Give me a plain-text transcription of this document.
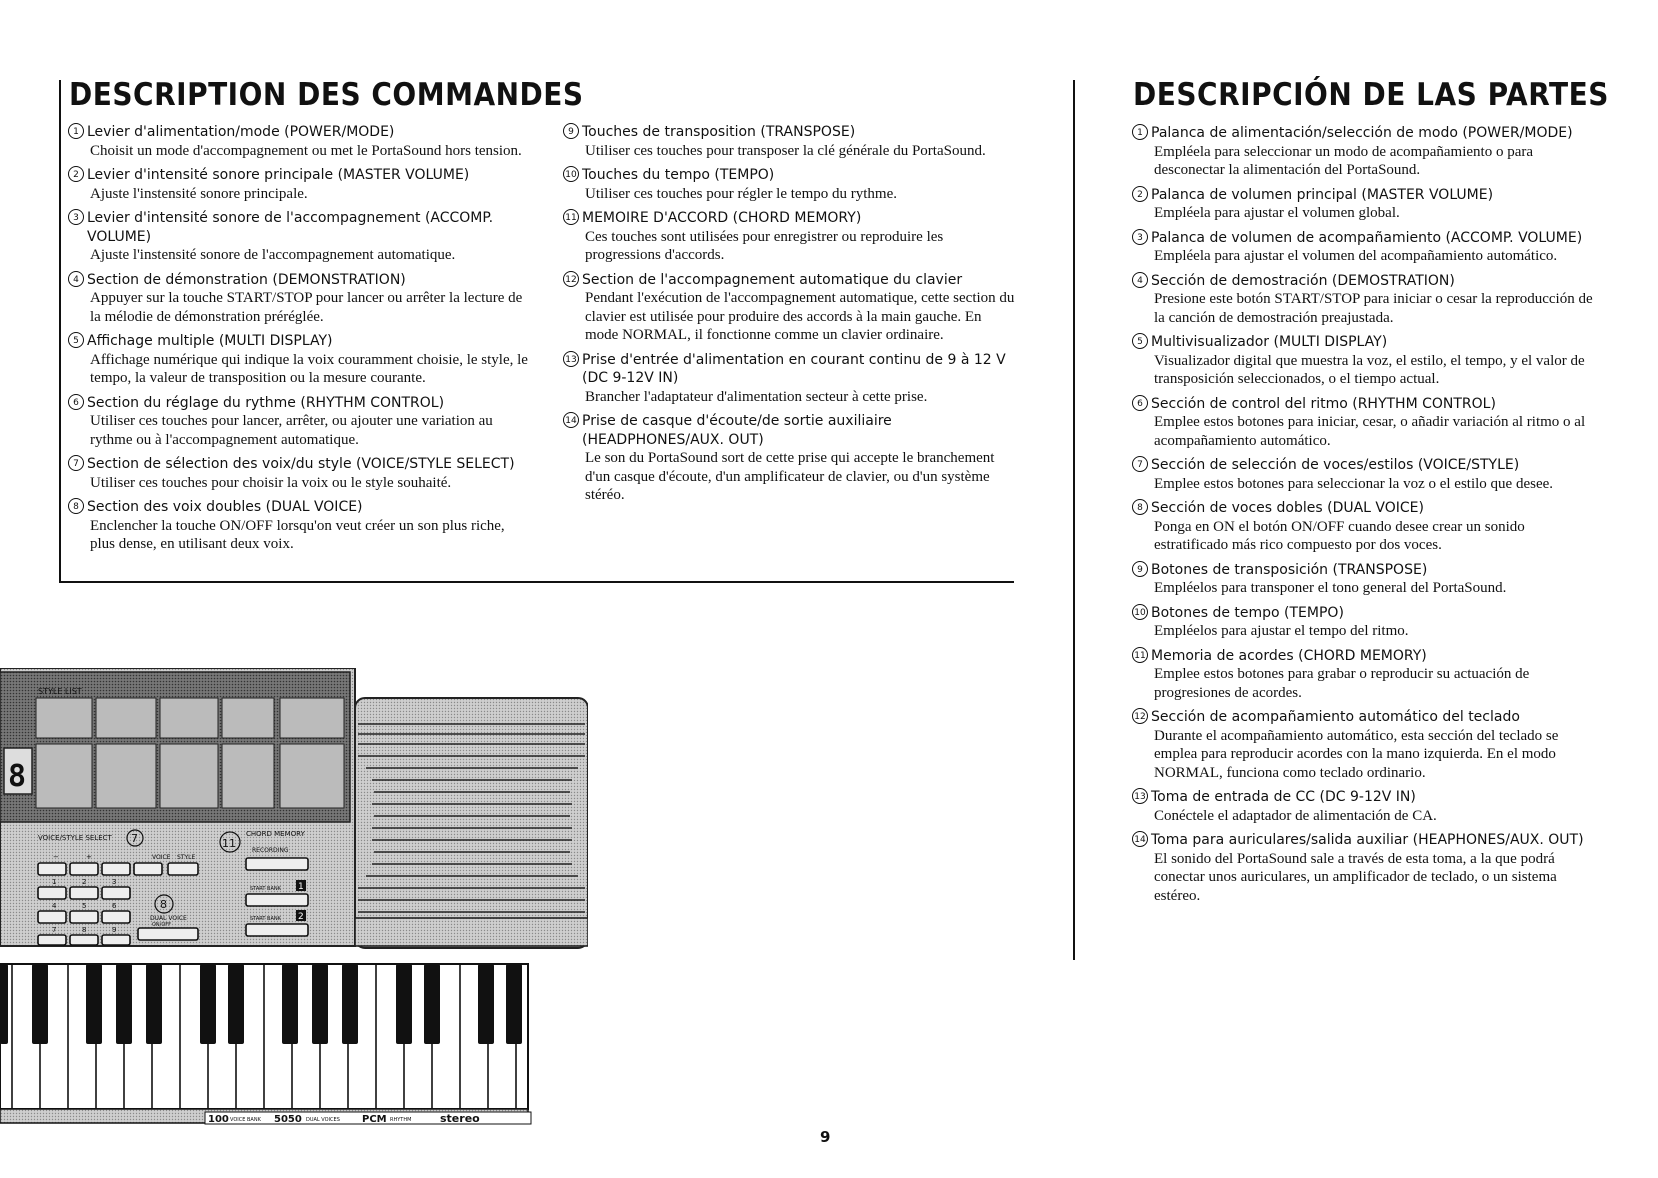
DESCRIPTION DES COMMANDES
1 Levier d'alimentation/mode (POWER/MODE)
Choisit un mode d'accompagnement ou met le PortaSound hors tension.
2 Levier d'intensité sonore principale (MASTER VOLUME)
Ajuste l'instensité sonore principale.
3 Levier d'intensité sonore de l'accompagnement (ACCOMP. VOLUME)
Ajuste l'instensité sonore de l'accompagnement automatique.
4 Section de démonstration (DEMONSTRATION)
Appuyer sur la touche START/STOP pour lancer ou arrêter la lecture de la mélodie de démonstration préréglée.
5 Affichage multiple (MULTI DISPLAY)
Affichage numérique qui indique la voix couramment choisie, le style, le tempo, la valeur de transposition ou la mesure courante.
6 Section du réglage du rythme (RHYTHM CONTROL)
Utiliser ces touches pour lancer, arrêter, ou ajouter une variation au rythme ou à l'accompagnement automatique.
7 Section de sélection des voix/du style (VOICE/STYLE SELECT)
Utiliser ces touches pour choisir la voix ou le style souhaité.
8 Section des voix doubles (DUAL VOICE)
Enclencher la touche ON/OFF lorsqu'on veut créer un son plus riche, plus dense, en utilisant deux voix.
9 Touches de transposition (TRANSPOSE)
Utiliser ces touches pour transposer la clé générale du PortaSound.
10 Touches du tempo (TEMPO)
Utiliser ces touches pour régler le tempo du rythme.
11 MEMOIRE D'ACCORD (CHORD MEMORY)
Ces touches sont utilisées pour enregistrer ou reproduire les progressions d'accords.
12 Section de l'accompagnement automatique du clavier
Pendant l'exécution de l'accompagnement automatique, cette section du clavier est utilisée pour produire des accords à la main gauche. En mode NORMAL, il fonctionne comme un clavier ordinaire.
13 Prise d'entrée d'alimentation en courant continu de 9 à 12 V (DC 9-12V IN)
Brancher l'adaptateur d'alimentation secteur à cette prise.
14 Prise de casque d'écoute/de sortie auxiliaire (HEADPHONES/AUX. OUT)
Le son du PortaSound sort de cette prise qui accepte le branchement d'un casque d'écoute, d'un amplificateur de clavier, ou d'un système stéréo.
DESCRIPCIÓN DE LAS PARTES
1 Palanca de alimentación/selección de modo (POWER/MODE)
Empléela para seleccionar un modo de acompañamiento o para desconectar la alimentación del PortaSound.
2 Palanca de volumen principal (MASTER VOLUME)
Empléela para ajustar el volumen global.
3 Palanca de volumen de acompañamiento (ACCOMP. VOLUME)
Empléela para ajustar el volumen del acompañamiento automático.
4 Sección de demostración (DEMOSTRATION)
Presione este botón START/STOP para iniciar o cesar la reproducción de la canción de demostración preajustada.
5 Multivisualizador (MULTI DISPLAY)
Visualizador digital que muestra la voz, el estilo, el tempo, y el valor de transposición seleccionados, o el tiempo actual.
6 Sección de control del ritmo (RHYTHM CONTROL)
Emplee estos botones para iniciar, cesar, o añadir variación al ritmo o al acompañamiento automático.
7 Sección de selección de voces/estilos (VOICE/STYLE)
Emplee estos botones para seleccionar la voz o el estilo que desee.
8 Sección de voces dobles (DUAL VOICE)
Ponga en ON el botón ON/OFF cuando desee crear un sonido estratificado más rico compuesto por dos voces.
9 Botones de transposición (TRANSPOSE)
Empléelos para transponer el tono general del PortaSound.
10 Botones de tempo (TEMPO)
Empléelos para ajustar el tempo del ritmo.
11 Memoria de acordes (CHORD MEMORY)
Emplee estos botones para grabar o reproducir su actuación de progresiones de acordes.
12 Sección de acompañamiento automático del teclado
Durante el acompañamiento automático, esta sección del teclado se emplea para reproducir acordes con la mano izquierda. En el modo NORMAL, funciona como teclado ordinario.
13 Toma de entrada de CC (DC 9-12V IN)
Conéctele el adaptador de alimentación de CA.
14 Toma para auriculares/salida auxiliar (HEAPHONES/AUX. OUT)
El sonido del PortaSound sale a través de esta toma, a la que podrá conectar unos auriculares, un amplificador de teclado, o un sistema estéreo.
8
STYLE LIST
VOICE/STYLE SELECT 7	11
CHORD MEMORY
RECORDING
VOICE STYLE
−	+
1	2	3
4	5	6
7	8	9
8
DUAL VOICE
ON/OFF
START BANK
START BANK
1
2
100 VOICE BANK 5050 DUAL VOICES PCM RHYTHM	stereo
9
